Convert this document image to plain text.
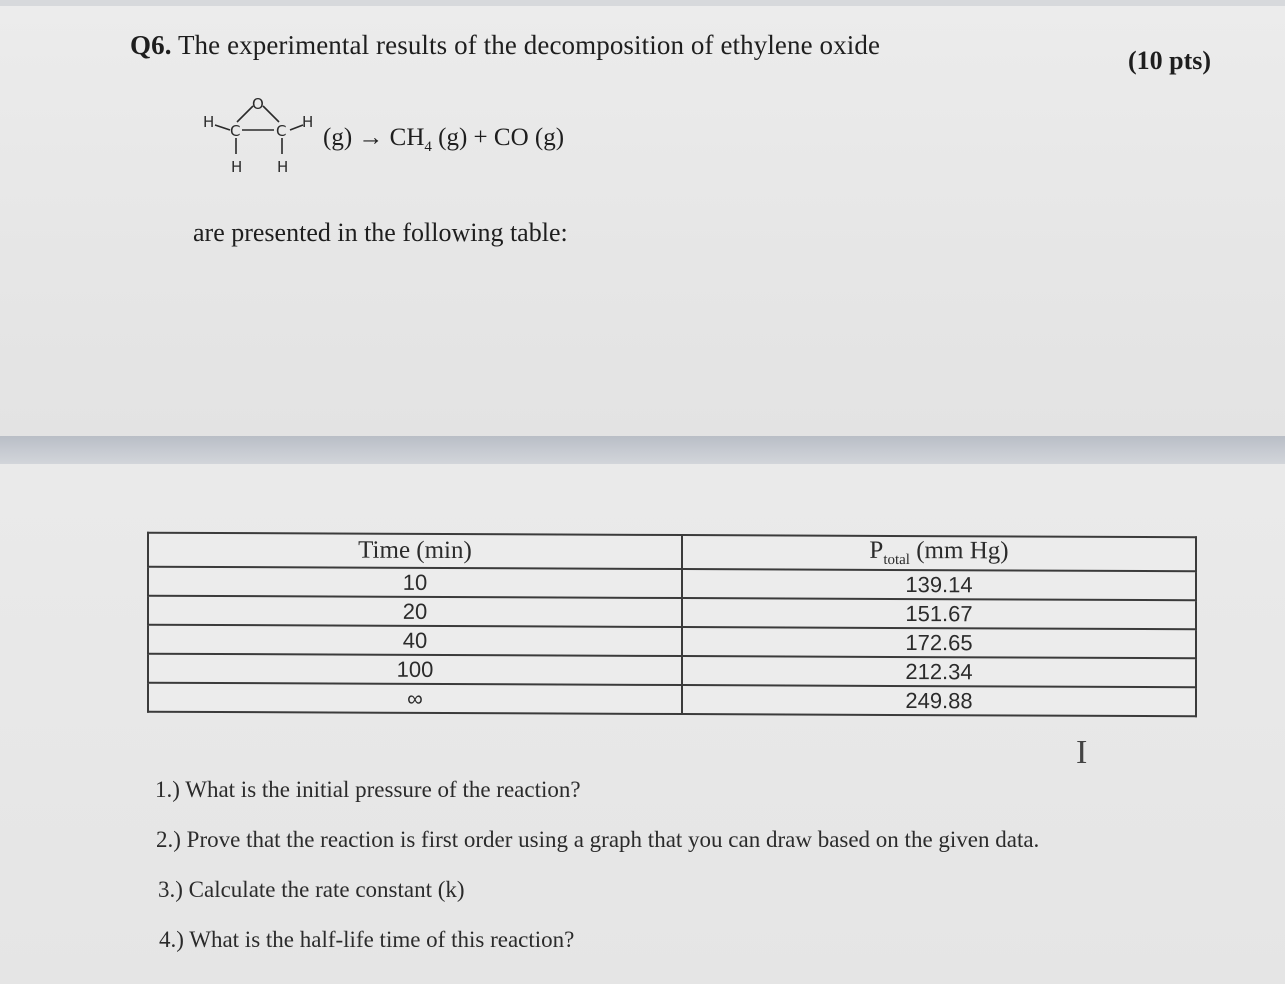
Q6. The experimental results of the decomposition of ethylene oxide
(10 pts)
O
C C
H	H
H H
$(g) \to CH_4$ (g) + CO (g)
are presented in the following table:
Time (min)	$P_{total}$ (mm Hg)
10	139.14
20	151.67
40	172.65
100	212.34
∞	249.88
I
1.) What is the initial pressure of the reaction?
2.) Prove that the reaction is first order using a graph that you can draw based on the given data.
3.) Calculate the rate constant (k)
4.) What is the half-life time of this reaction?
